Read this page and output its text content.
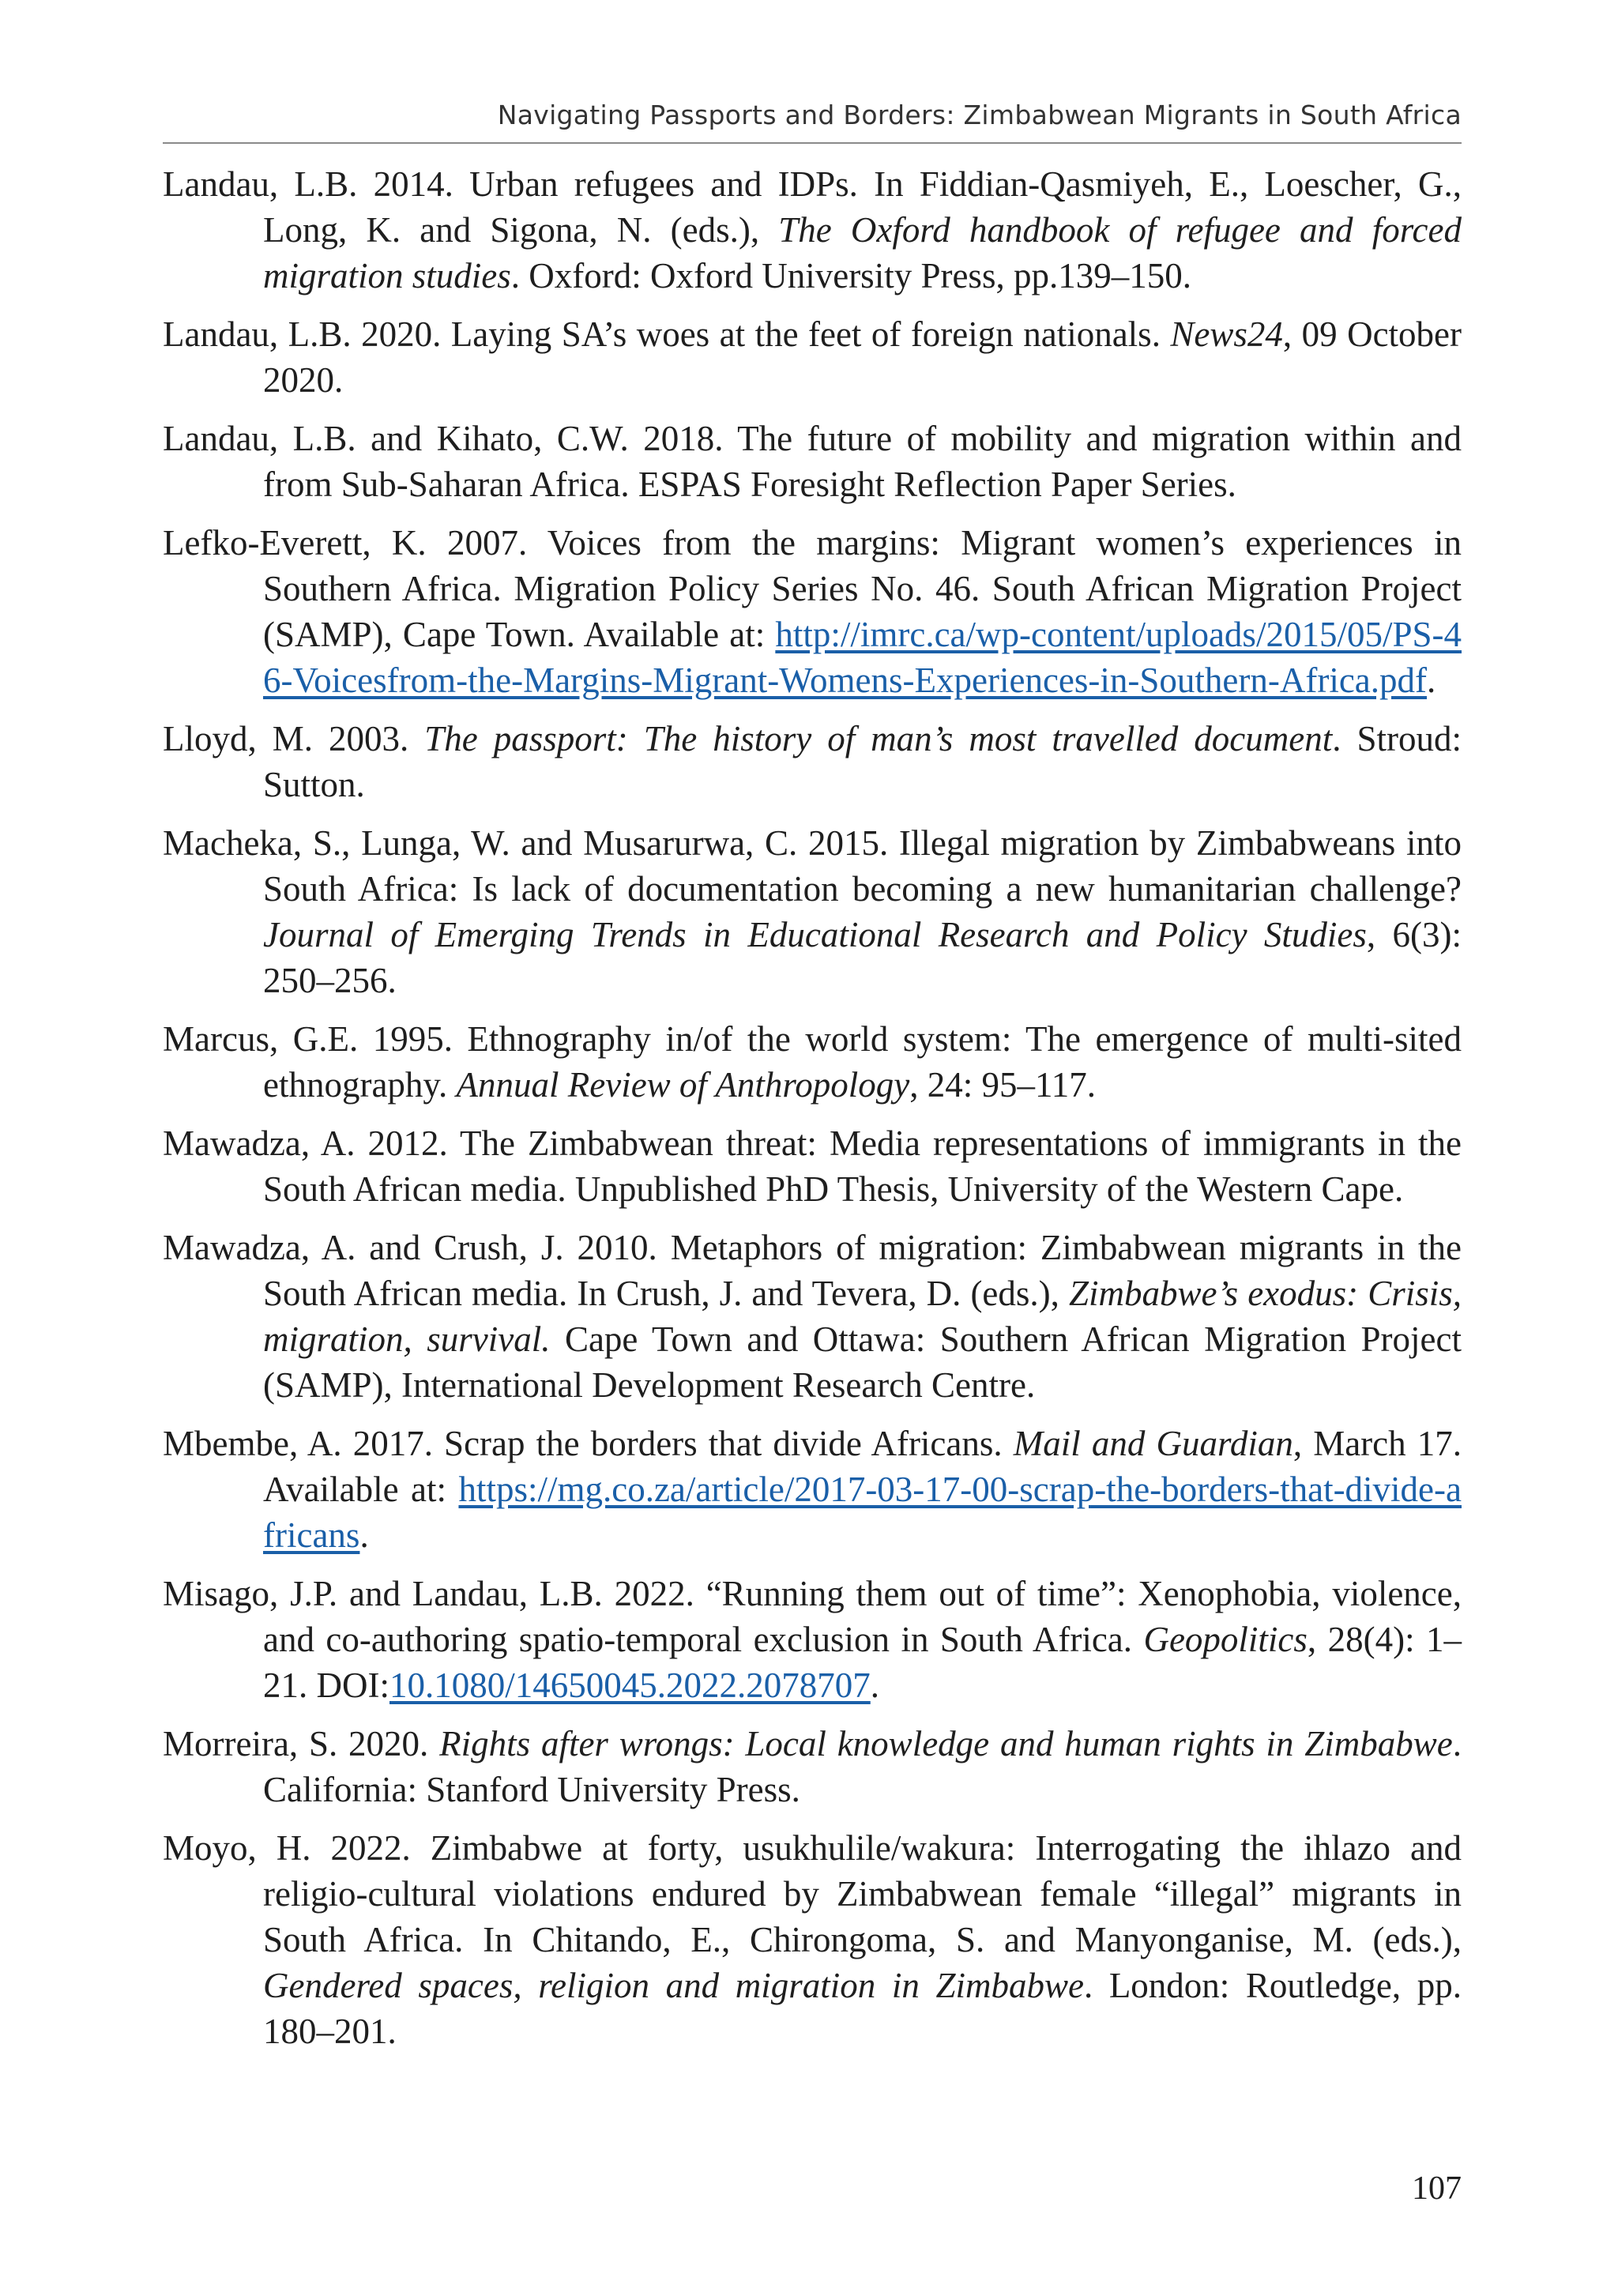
Navigating Passports and Borders: Zimbabwean Migrants in South Africa
Landau, L.B. 2014. Urban refugees and IDPs. In Fiddian-Qasmiyeh, E., Loescher, G., Long, K. and Sigona, N. (eds.), The Oxford handbook of refugee and forced migration studies. Oxford: Oxford University Press, pp.139–150.
Landau, L.B. 2020. Laying SA’s woes at the feet of foreign nationals. News24, 09 October 2020.
Landau, L.B. and Kihato, C.W. 2018. The future of mobility and migration within and from Sub-Saharan Africa. ESPAS Foresight Reflection Paper Series.
Lefko-Everett, K. 2007. Voices from the margins: Migrant women’s experiences in Southern Africa. Migration Policy Series No. 46. South African Migration Project (SAMP), Cape Town. Available at: http://imrc.ca/wp-content/uploads/2015/05/PS-46-Voicesfrom-the-Margins-Migrant-Womens-Experiences-in-Southern-Africa.pdf.
Lloyd, M. 2003. The passport: The history of man’s most travelled document. Stroud: Sutton.
Macheka, S., Lunga, W. and Musarurwa, C. 2015. Illegal migration by Zimbabweans into South Africa: Is lack of documentation becoming a new humanitarian challenge? Journal of Emerging Trends in Educational Research and Policy Studies, 6(3): 250–256.
Marcus, G.E. 1995. Ethnography in/of the world system: The emergence of multi-sited ethnography. Annual Review of Anthropology, 24: 95–117.
Mawadza, A. 2012. The Zimbabwean threat: Media representations of immigrants in the South African media. Unpublished PhD Thesis, University of the Western Cape.
Mawadza, A. and Crush, J. 2010. Metaphors of migration: Zimbabwean migrants in the South African media. In Crush, J. and Tevera, D. (eds.), Zimbabwe’s exodus: Crisis, migration, survival. Cape Town and Ottawa: Southern African Migration Project (SAMP), International Development Research Centre.
Mbembe, A. 2017. Scrap the borders that divide Africans. Mail and Guardian, March 17. Available at: https://mg.co.za/article/2017-03-17-00-scrap-the-borders-that-divide-africans.
Misago, J.P. and Landau, L.B. 2022. “Running them out of time”: Xenophobia, violence, and co-authoring spatio-temporal exclusion in South Africa. Geopolitics, 28(4): 1–21. DOI:10.1080/14650045.2022.2078707.
Morreira, S. 2020. Rights after wrongs: Local knowledge and human rights in Zimbabwe. California: Stanford University Press.
Moyo, H. 2022. Zimbabwe at forty, usukhulile/wakura: Interrogating the ihlazo and religio-cultural violations endured by Zimbabwean female “illegal” migrants in South Africa. In Chitando, E., Chirongoma, S. and Manyonganise, M. (eds.), Gendered spaces, religion and migration in Zimbabwe. London: Routledge, pp. 180–201.
107
